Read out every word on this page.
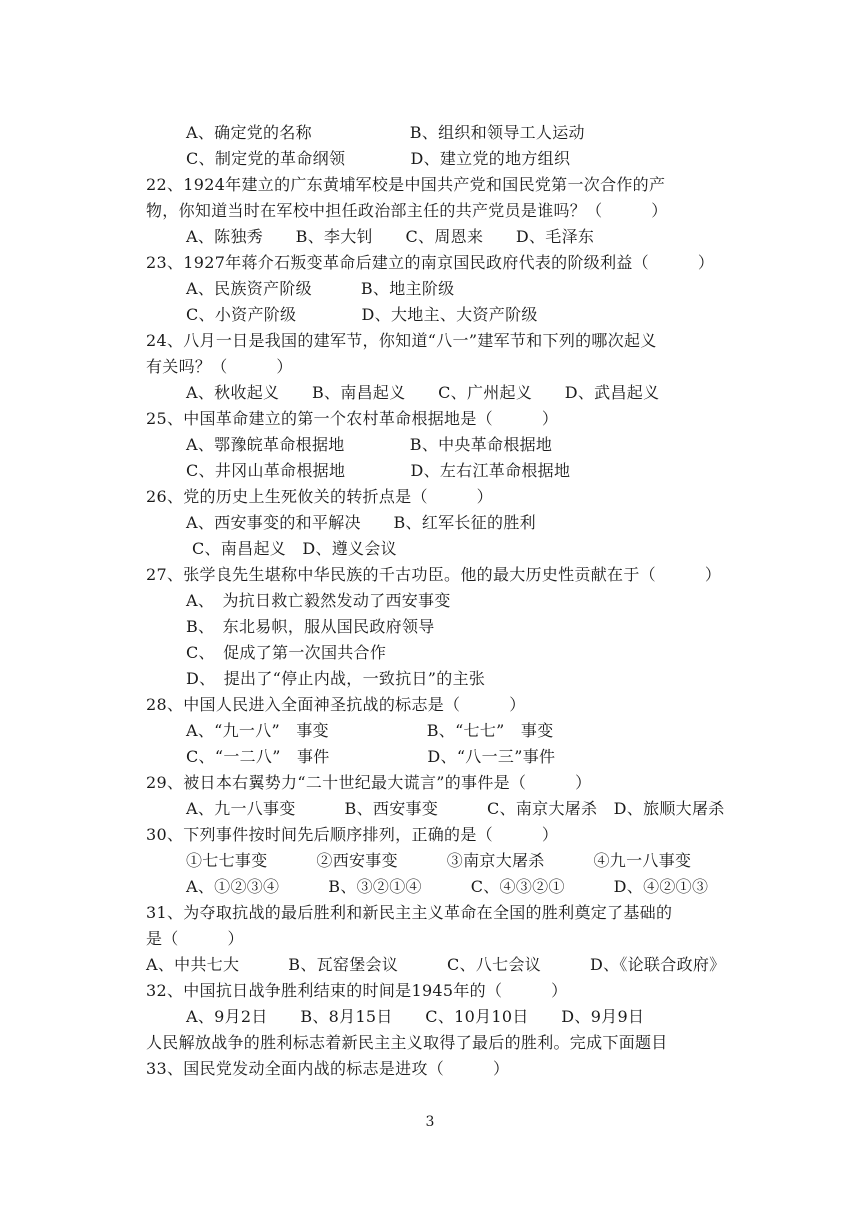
A、确定党的名称　　　　　　B、组织和领导工人运动
C、制定党的革命纲领　　　　D、建立党的地方组织
22、1924年建立的广东黄埔军校是中国共产党和国民党第一次合作的产
物，你知道当时在军校中担任政治部主任的共产党员是谁吗？（　　　）
A、陈独秀　　B、李大钊　　C、周恩来　　D、毛泽东
23、1927年蒋介石叛变革命后建立的南京国民政府代表的阶级利益（　　　）
A、民族资产阶级　　　B、地主阶级
C、小资产阶级　　　　D、大地主、大资产阶级
24、八月一日是我国的建军节，你知道“八一”建军节和下列的哪次起义
有关吗？（　　　）
A、秋收起义　　B、南昌起义　　C、广州起义　　D、武昌起义
25、中国革命建立的第一个农村革命根据地是（　　　）
A、鄂豫皖革命根据地　　　　B、中央革命根据地
C、井冈山革命根据地　　　　D、左右江革命根据地
26、党的历史上生死攸关的转折点是（　　　）
A、西安事变的和平解决　　B、红军长征的胜利
C、南昌起义　D、遵义会议
27、张学良先生堪称中华民族的千古功臣。他的最大历史性贡献在于（　　　）
A、　为抗日救亡毅然发动了西安事变
B、　东北易帜，服从国民政府领导
C、　促成了第一次国共合作
D、　提出了“停止内战，一致抗日”的主张
28、中国人民进入全面神圣抗战的标志是（　　　）
A、“九一八”　事变　　　　　　B、“七七”　事变
C、“一二八”　事件　　　　　　D、“八一三”事件
29、被日本右翼势力“二十世纪最大谎言”的事件是（　　　）
A、九一八事变　　　B、西安事变　　　C、南京大屠杀　D、旅顺大屠杀
30、下列事件按时间先后顺序排列，正确的是（　　　）
①七七事变　　　②西安事变　　　③南京大屠杀　　　④九一八事变
A、①②③④　　　B、③②①④　　　C、④③②①　　　D、④②①③
31、为夺取抗战的最后胜利和新民主主义革命在全国的胜利奠定了基础的
是（　　　）
A、中共七大　　　B、瓦窑堡会议　　　C、八七会议　　　D、《论联合政府》
32、中国抗日战争胜利结束的时间是1945年的（　　　）
A、9月2日　　B、8月15日　　C、10月10日　　D、9月9日
人民解放战争的胜利标志着新民主主义取得了最后的胜利。完成下面题目
33、国民党发动全面内战的标志是进攻（　　　）
3
